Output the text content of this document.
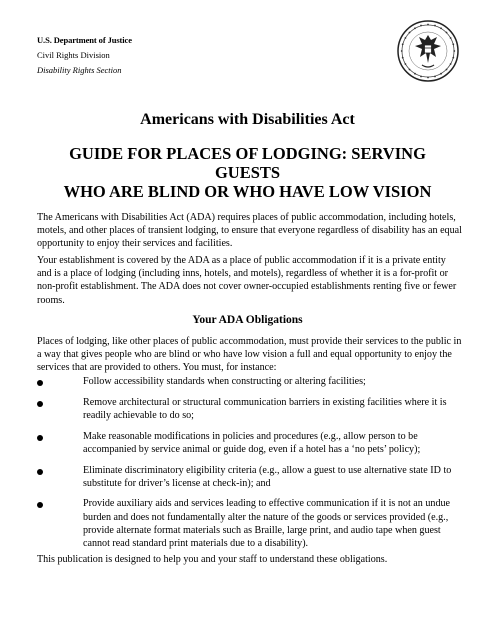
U.S. Department of Justice
Civil Rights Division
Disability Rights Section
Americans with Disabilities Act
GUIDE FOR PLACES OF LODGING: SERVING GUESTS
WHO ARE BLIND OR WHO HAVE LOW VISION
The Americans with Disabilities Act (ADA) requires places of public accommodation, including hotels, motels, and other places of transient lodging, to ensure that everyone regardless of disability has an equal opportunity to enjoy their services and facilities.
Your establishment is covered by the ADA as a place of public accommodation if it is a private entity and is a place of lodging (including inns, hotels, and motels), regardless of whether it is a for-profit or non-profit establishment. The ADA does not cover owner-occupied establishments renting five or fewer rooms.
Your ADA Obligations
Places of lodging, like other places of public accommodation, must provide their services to the public in a way that gives people who are blind or who have low vision a full and equal opportunity to enjoy the services that are provided to others. You must, for instance:
Follow accessibility standards when constructing or altering facilities;
Remove architectural or structural communication barriers in existing facilities where it is readily achievable to do so;
Make reasonable modifications in policies and procedures (e.g., allow person to be accompanied by service animal or guide dog, even if a hotel has a ‘no pets’ policy);
Eliminate discriminatory eligibility criteria (e.g., allow a guest to use alternative state ID to substitute for driver’s license at check-in); and
Provide auxiliary aids and services leading to effective communication if it is not an undue burden and does not fundamentally alter the nature of the goods or services provided (e.g., provide alternate format materials such as Braille, large print, and audio tape when guest cannot read standard print materials due to a disability).
This publication is designed to help you and your staff to understand these obligations.
